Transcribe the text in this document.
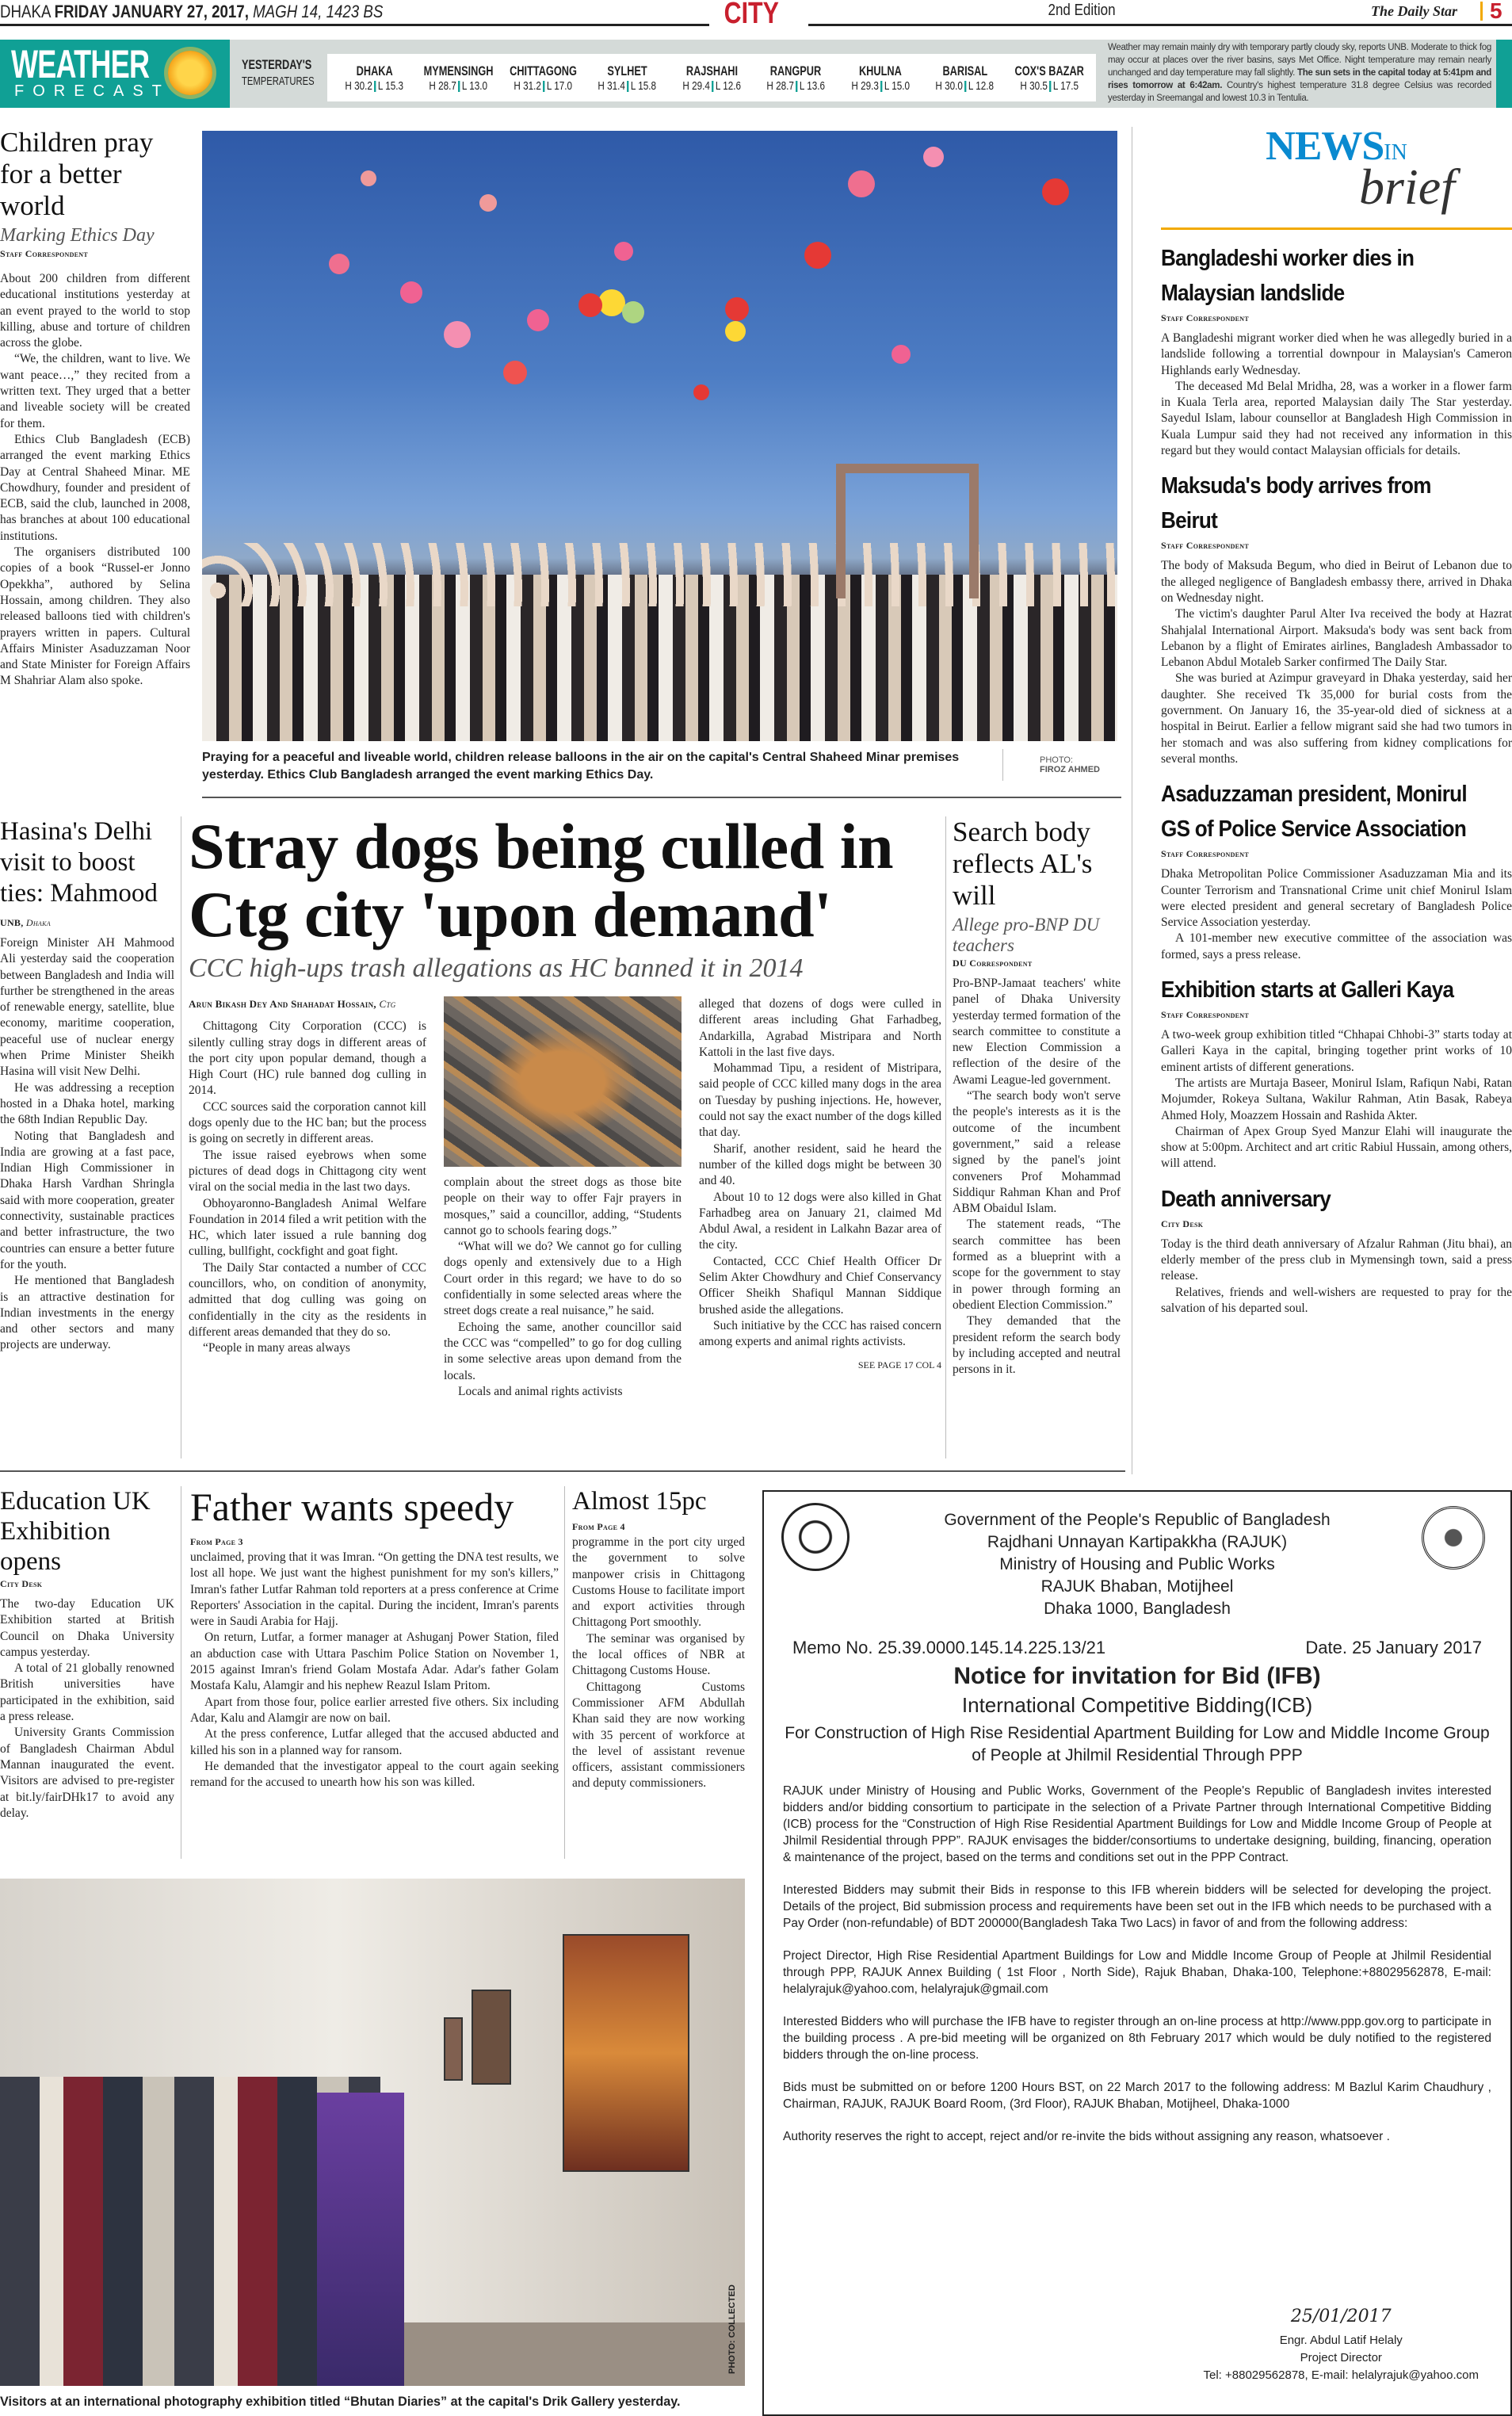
DHAKA FRIDAY JANUARY 27, 2017, MAGH 14, 1423 BS	CITY	2nd Edition	The Daily Star 5
WEATHER
FORECAST
YESTERDAY'S
TEMPERATURES
DHAKA
H 30.2 L 15.3
MYMENSINGH
H 28.7 L 13.0
CHITTAGONG
H 31.2 L 17.0
SYLHET
H 31.4 L 15.8
RAJSHAHI
H 29.4 L 12.6
RANGPUR
H 28.7 L 13.6
KHULNA
H 29.3 L 15.0
BARISAL
H 30.0 L 12.8
COX'S BAZAR
H 30.5 L 17.5
Weather may remain mainly dry with temporary partly cloudy sky, reports UNB. Moderate to thick fog may occur at places over the river basins, says Met Office. Night temperature may remain nearly unchanged and day temperature may fall slightly. The sun sets in the capital today at 5:41pm and rises tomorrow at 6:42am. Country's highest temperature 31.8 degree Celsius was recorded yesterday in Sreemangal and lowest 10.3 in Tentulia.
Children pray for a better world
Marking Ethics Day
Staff Correspondent

About 200 children from different educational institutions yesterday at an event prayed to the world to stop killing, abuse and torture of children across the globe.

“We, the children, want to live. We want peace…,” they recited from a written text. They urged that a better and liveable society will be created for them.

Ethics Club Bangladesh (ECB) arranged the event marking Ethics Day at Central Shaheed Minar. ME Chowdhury, founder and president of ECB, said the club, launched in 2008, has branches at about 100 educational institutions.

The organisers distributed 100 copies of a book “Russel-er Jonno Opekkha”, authored by Selina Hossain, among children. They also released balloons tied with children's prayers written in papers. Cultural Affairs Minister Asaduzzaman Noor and State Minister for Foreign Affairs M Shahriar Alam also spoke.

Praying for a peaceful and liveable world, children release balloons in the air on the capital's Central Shaheed Minar premises yesterday. Ethics Club Bangladesh arranged the event marking Ethics Day.
PHOTO:
FIROZ AHMED
NEWSIN
brief
Bangladeshi worker dies in Malaysian landslide
Staff Correspondent

A Bangladeshi migrant worker died when he was allegedly buried in a landslide following a torrential downpour in Malaysian's Cameron Highlands early Wednesday.

The deceased Md Belal Mridha, 28, was a worker in a flower farm in Kuala Terla area, reported Malaysian daily The Star yesterday. Sayedul Islam, labour counsellor at Bangladesh High Commission in Kuala Lumpur said they had not received any information in this regard but they would contact Malaysian officials for details.

Maksuda's body arrives from Beirut
Staff Correspondent

The body of Maksuda Begum, who died in Beirut of Lebanon due to the alleged negligence of Bangladesh embassy there, arrived in Dhaka on Wednesday night.

The victim's daughter Parul Alter Iva received the body at Hazrat Shahjalal International Airport. Maksuda's body was sent back from Lebanon by a flight of Emirates airlines, Bangladesh Ambassador to Lebanon Abdul Motaleb Sarker confirmed The Daily Star.

She was buried at Azimpur graveyard in Dhaka yesterday, said her daughter. She received Tk 35,000 for burial costs from the government. On January 16, the 35-year-old died of sickness at a hospital in Beirut. Earlier a fellow migrant said she had two tumors in her stomach and was also suffering from kidney complications for several months.

Asaduzzaman president, Monirul GS of Police Service Association
Staff Correspondent

Dhaka Metropolitan Police Commissioner Asaduzzaman Mia and its Counter Terrorism and Transnational Crime unit chief Monirul Islam were elected president and general secretary of Bangladesh Police Service Association yesterday.

A 101-member new executive committee of the association was formed, says a press release.

Exhibition starts at Galleri Kaya
Staff Correspondent

A two-week group exhibition titled “Chhapai Chhobi-3” starts today at Galleri Kaya in the capital, bringing together print works of 10 eminent artists of different generations.

The artists are Murtaja Baseer, Monirul Islam, Rafiqun Nabi, Ratan Mojumder, Rokeya Sultana, Wakilur Rahman, Atin Basak, Rabeya Ahmed Holy, Moazzem Hossain and Rashida Akter.

Chairman of Apex Group Syed Manzur Elahi will inaugurate the show at 5:00pm. Architect and art critic Rabiul Hussain, among others, will attend.

Death anniversary
City Desk

Today is the third death anniversary of Afzalur Rahman (Jitu bhai), an elderly member of the press club in Mymensingh town, said a press release.

Relatives, friends and well-wishers are requested to pray for the salvation of his departed soul.

Hasina's Delhi visit to boost ties: Mahmood
UNB, Dhaka

Foreign Minister AH Mahmood Ali yesterday said the cooperation between Bangladesh and India will further be strengthened in the areas of renewable energy, satellite, blue economy, maritime cooperation, peaceful use of nuclear energy when Prime Minister Sheikh Hasina will visit New Delhi.

He was addressing a reception hosted in a Dhaka hotel, marking the 68th Indian Republic Day.

Noting that Bangladesh and India are growing at a fast pace, Indian High Commissioner in Dhaka Harsh Vardhan Shringla said with more cooperation, greater connectivity, sustainable practices and better infrastructure, the two countries can ensure a better future for the youth.

He mentioned that Bangladesh is an attractive destination for Indian investments in the energy and other sectors and many projects are underway.

Stray dogs being culled in Ctg city 'upon demand'
CCC high-ups trash allegations as HC banned it in 2014
Arun Bikash Dey And Shahadat Hossain, Ctg

Chittagong City Corporation (CCC) is silently culling stray dogs in different areas of the port city upon popular demand, though a High Court (HC) rule banned dog culling in 2014.

CCC sources said the corporation cannot kill dogs openly due to the HC ban; but the process is going on secretly in different areas.

The issue raised eyebrows when some pictures of dead dogs in Chittagong city went viral on the social media in the last two days.

Obhoyaronno-Bangladesh Animal Welfare Foundation in 2014 filed a writ petition with the HC, which later issued a rule banning dog culling, bullfight, cockfight and goat fight.

The Daily Star contacted a number of CCC councillors, who, on condition of anonymity, admitted that dog culling was going on confidentially in the city as the residents in different areas demanded that they do so.

“People in many areas always

complain about the street dogs as those bite people on their way to offer Fajr prayers in mosques,” said a councillor, adding, “Students cannot go to schools fearing dogs.”

“What will we do? We cannot go for culling dogs openly and extensively due to a High Court order in this regard; we have to do so confidentially in some selected areas where the street dogs create a real nuisance,” he said.

Echoing the same, another councillor said the CCC was “compelled” to go for dog culling in some selective areas upon demand from the locals.

Locals and animal rights activists

alleged that dozens of dogs were culled in different areas including Ghat Farhadbeg, Andarkilla, Agrabad Mistripara and North Kattoli in the last five days.

Mohammad Tipu, a resident of Mistripara, said people of CCC killed many dogs in the area on Tuesday by pushing injections. He, however, could not say the exact number of the dogs killed that day.

Sharif, another resident, said he heard the number of the killed dogs might be between 30 and 40.

About 10 to 12 dogs were also killed in Ghat Farhadbeg area on January 21, claimed Md Abdul Awal, a resident in Lalkahn Bazar area of the city.

Contacted, CCC Chief Health Officer Dr Selim Akter Chowdhury and Chief Conservancy Officer Sheikh Shafiqul Mannan Siddique brushed aside the allegations.

Such initiative by the CCC has raised concern among experts and animal rights activists.

SEE PAGE 17 COL 4
Search body reflects AL's will
Allege pro-BNP DU teachers
DU Correspondent

Pro-BNP-Jamaat teachers' white panel of Dhaka University yesterday termed formation of the search committee to constitute a new Election Commission a reflection of the desire of the Awami League-led government.

“The search body won't serve the people's interests as it is the outcome of the incumbent government,” said a release signed by the panel's joint conveners Prof Mohammad Siddiqur Rahman Khan and Prof ABM Obaidul Islam.

The statement reads, “The search committee has been formed as a blueprint with a scope for the government to stay in power through forming an obedient Election Commission.”

They demanded that the president reform the search body by including accepted and neutral persons in it.

Education UK Exhibition opens
City Desk

The two-day Education UK Exhibition started at British Council on Dhaka University campus yesterday.

A total of 21 globally renowned British universities have participated in the exhibition, said a press release.

University Grants Commission of Bangladesh Chairman Abdul Mannan inaugurated the event. Visitors are advised to pre-register at bit.ly/fairDHk17 to avoid any delay.

Father wants speedy
From Page 3

unclaimed, proving that it was Imran. “On getting the DNA test results, we lost all hope. We just want the highest punishment for my son's killers,” Imran's father Lutfar Rahman told reporters at a press conference at Crime Reporters' Association in the capital. During the incident, Imran's parents were in Saudi Arabia for Hajj.

On return, Lutfar, a former manager at Ashuganj Power Station, filed an abduction case with Uttara Paschim Police Station on November 1, 2015 against Imran's friend Golam Mostafa Adar. Adar's father Golam Mostafa Kalu, Alamgir and his nephew Reazul Islam Pritom.

Apart from those four, police earlier arrested five others. Six including Adar, Kalu and Alamgir are now on bail.

At the press conference, Lutfar alleged that the accused abducted and killed his son in a planned way for ransom.

He demanded that the investigator appeal to the court again seeking remand for the accused to unearth how his son was killed.

Almost 15pc
From Page 4

programme in the port city urged the government to solve manpower crisis in Chittagong Customs House to facilitate import and export activities through Chittagong Port smoothly.

The seminar was organised by the local offices of NBR at Chittagong Customs House.

Chittagong Customs Commissioner AFM Abdullah Khan said they are now working with 35 percent of workforce at the level of assistant revenue officers, assistant commissioners and deputy commissioners.

PHOTO: COLLECTED
Visitors at an international photography exhibition titled “Bhutan Diaries” at the capital's Drik Gallery yesterday.
Government of the People's Republic of Bangladesh
Rajdhani Unnayan Kartipakkha (RAJUK)
Ministry of Housing and Public Works
RAJUK Bhaban, Motijheel
Dhaka 1000, Bangladesh
Memo No. 25.39.0000.145.14.225.13/21	Date. 25 January 2017
Notice for invitation for Bid (IFB)
International Competitive Bidding(ICB)
For Construction of High Rise Residential Apartment Building for Low and Middle Income Group of People at Jhilmil Residential Through PPP

RAJUK under Ministry of Housing and Public Works, Government of the People's Republic of Bangladesh invites interested bidders and/or bidding consortium to participate in the selection of a Private Partner through International Competitive Bidding (ICB) process for the “Construction of High Rise Residential Apartment Buildings for Low and Middle Income Group of People at Jhilmil Residential through PPP”. RAJUK envisages the bidder/consortiums to undertake designing, building, financing, operation & maintenance of the project, based on the terms and conditions set out in the PPP Contract.

Interested Bidders may submit their Bids in response to this IFB wherein bidders will be selected for developing the project. Details of the project, Bid submission process and requirements have been set out in the IFB which needs to be purchased with a Pay Order (non-refundable) of BDT 200000(Bangladesh Taka Two Lacs) in favor of and from the following address:

Project Director, High Rise Residential Apartment Buildings for Low and Middle Income Group of People at Jhilmil Residential through PPP, RAJUK Annex Building ( 1st Floor , North Side), Rajuk Bhaban, Dhaka-100, Telephone:+88029562878, E-mail: helalyrajuk@yahoo.com, helalyrajuk@gmail.com

Interested Bidders who will purchase the IFB have to register through an on-line process at http://www.ppp.gov.org to participate in the building process . A pre-bid meeting will be organized on 8th February 2017 which would be duly notified to the registered bidders through the on-line process.

Bids must be submitted on or before 1200 Hours BST, on 22 March 2017 to the following address: M Bazlul Karim Chaudhury , Chairman, RAJUK, RAJUK Board Room, (3rd Floor), RAJUK Bhaban, Motijheel, Dhaka-1000

Authority reserves the right to accept, reject and/or re-invite the bids without assigning any reason, whatsoever .

25/01/2017
Engr. Abdul Latif Helaly
Project Director
Tel: +88029562878, E-mail: helalyrajuk@yahoo.com
